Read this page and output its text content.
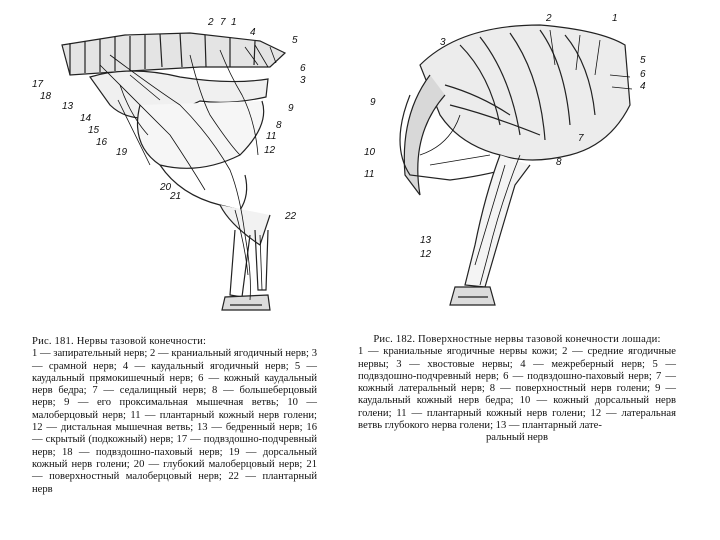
2 7 1
4
5
6
3
17
18
13
14
15
16
19
9
8
11
12
20
21
22
2	1
3
5
6
4
9
7
10
11
8
13
12
Рис. 181. Нервы тазовой конечности:
1 — запирательный нерв; 2 — краниальный ягодичный нерв; 3 — срамной нерв; 4 — каудальный ягодичный нерв; 5 — каудальный прямокишечный нерв; 6 — кожный каудальный нерв бедра; 7 — седалищный нерв; 8 — большеберцовый нерв; 9 — его проксимальная мышечная ветвь; 10 — малоберцовый нерв; 11 — плантарный кожный нерв голени; 12 — дистальная мышечная ветвь; 13 — бедренный нерв; 16 — скрытый (подкожный) нерв; 17 — подвздошно-подчревный нерв; 18 — подвздошно-паховый нерв; 19 — дорсальный кожный нерв голени; 20 — глубокий малоберцовый нерв; 21 — поверхностный малоберцовый нерв; 22 — плантарный нерв
Рис. 182. Поверхностные нервы тазовой конечности лошади:
1 — краниальные ягодичные нервы кожи; 2 — средние ягодичные нервы; 3 — хвостовые нервы; 4 — межреберный нерв; 5 — подвздошно-подчревный нерв; 6 — подвздошно-паховый нерв; 7 — кожный латеральный нерв; 8 — поверхностный нерв голени; 9 — каудальный кожный нерв бедра; 10 — кожный дорсальный нерв голени; 11 — плантарный кожный нерв голени; 12 — латеральная ветвь глубокого нерва голени; 13 — плантарный лате-
ральный нерв
